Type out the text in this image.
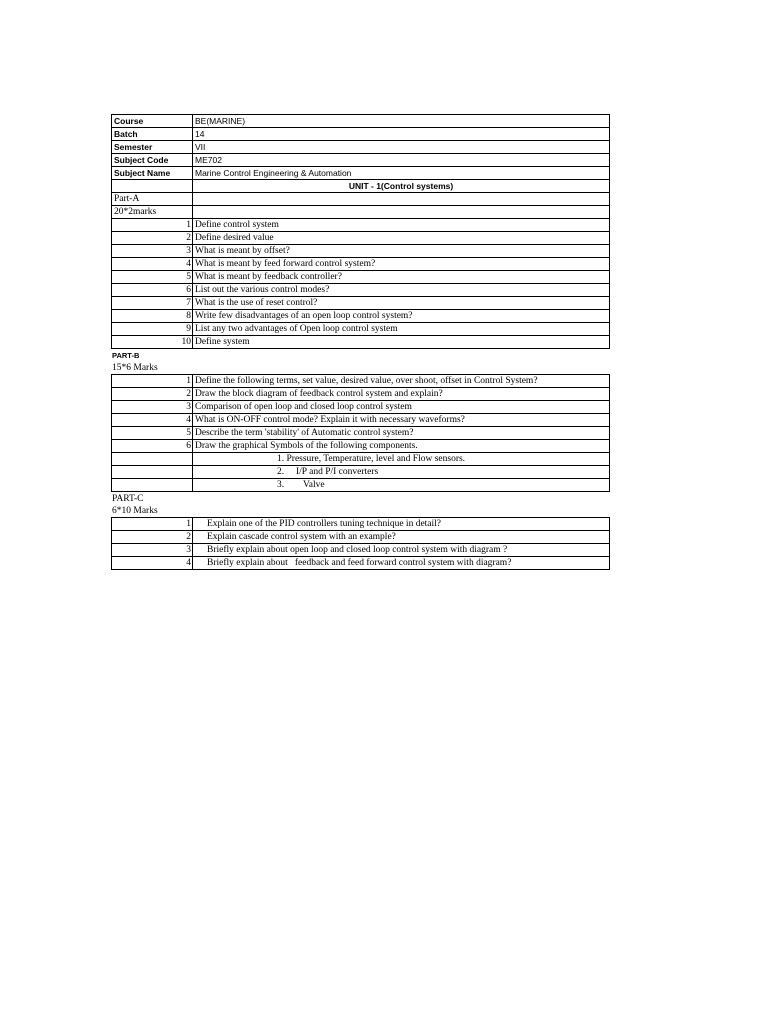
Course	BE(MARINE)
Batch	14
Semester	VII
Subject Code	ME702
Subject Name	Marine Control Engineering & Automation
	UNIT - 1(Control systems)
Part-A	
20*2marks	
1	Define control system
2	Define desired value
3	What is meant by offset?
4	What is meant by feed forward control system?
5	What is meant by feedback controller?
6	List out the various control modes?
7	What is the use of reset control?
8	Write few disadvantages of an open loop control system?
9	List any two advantages of Open loop control system
10	Define system
PART-B
15*6 Marks
1	Define the following terms, set value, desired value, over shoot, offset in Control System?
2	Draw the block diagram of feedback control system and explain?
3	Comparison of open loop and closed loop control system
4	What is ON-OFF control mode? Explain it with necessary waveforms?
5	Describe the term 'stability' of Automatic control system?
6	Draw the graphical Symbols of the following components.
	1. Pressure, Temperature, level and Flow sensors.
	2.     I/P and P/I converters
	3.        Valve
PART-C
6*10 Marks
1	Explain one of the PID controllers tuning technique in detail?
2	Explain cascade control system with an example?
3	Briefly explain about open loop and closed loop control system with diagram ?
4	Briefly explain about   feedback and feed forward control system with diagram?
